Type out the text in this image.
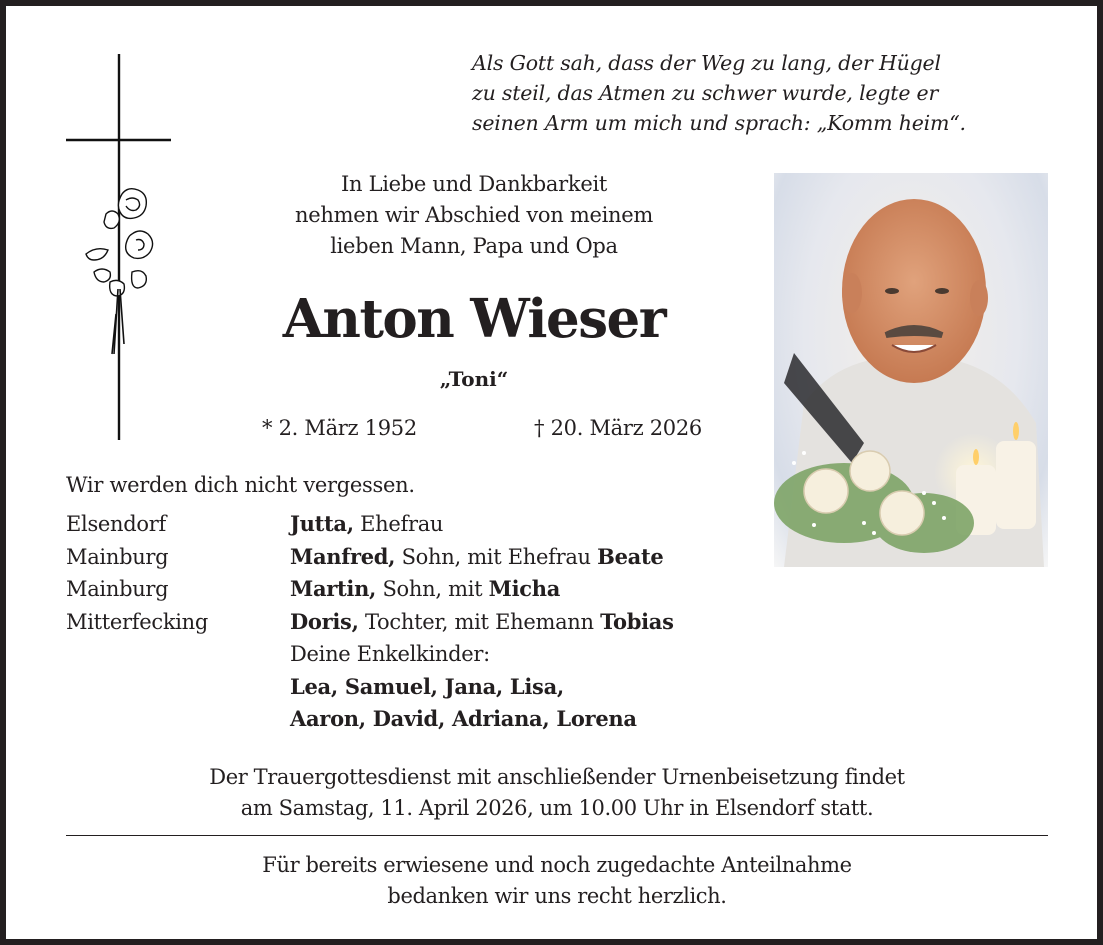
Als Gott sah, dass der Weg zu lang, der Hügel
zu steil, das Atmen zu schwer wurde, legte er
seinen Arm um mich und sprach: „Komm heim“.
In Liebe und Dankbarkeit
nehmen wir Abschied von meinem
lieben Mann, Papa und Opa
Anton Wieser
„Toni“
* 2. März 1952	† 20. März 2026
Wir werden dich nicht vergessen.
Elsendorf	Jutta, Ehefrau
Mainburg	Manfred, Sohn, mit Ehefrau Beate
Mainburg	Martin, Sohn, mit Micha
Mitterfecking	Doris, Tochter, mit Ehemann Tobias
Deine Enkelkinder:
Lea, Samuel, Jana, Lisa,
Aaron, David, Adriana, Lorena
Der Trauergottesdienst mit anschließender Urnenbeisetzung findet
am Samstag, 11. April 2026, um 10.00 Uhr in Elsendorf statt.
Für bereits erwiesene und noch zugedachte Anteilnahme
bedanken wir uns recht herzlich.
